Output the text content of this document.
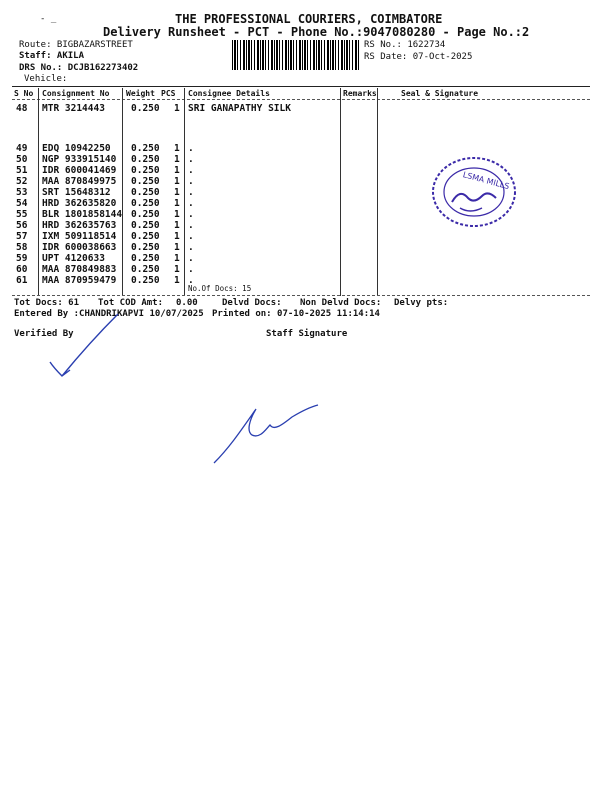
THE PROFESSIONAL COURIERS, COIMBATORE
Delivery Runsheet - PCT - Phone No.:9047080280 - Page No.:2
- _
Route: BIGBAZARSTREET
Staff: AKILA
DRS No.: DCJB162273402
Vehicle:
RS No.: 1622734
RS Date: 07-Oct-2025
S No Consignment No Weight PCS Consignee Details	Remarks	Seal & Signature
48 MTR 3214443	0.250 1 SRI GANAPATHY SILK
49 EDQ 10942250 0.250 1 .
50 NGP 933915140 0.250 1 .
51 IDR 600041469 0.250 1 .
52 MAA 870849975 0.250 1 .
53 SRT 15648312 0.250 1 .
54 HRD 362635820 0.250 1 .
55 BLR 1801858144 0.250 1 .
56 HRD 362635763 0.250 1 .
57 IXM 509118514 0.250 1 .
58 IDR 600038663 0.250 1 .
59 UPT 4120633	0.250 1 .
60 MAA 870849883 0.250 1 .
61 MAA 870959479 0.250 1 .
No.Of Docs: 15
LSMA MILLS
Tot Docs: 61 Tot COD Amt: 0.00	Delvd Docs: Non Delvd Docs: Delvy pts:
Entered By :CHANDRIKAPVI 10/07/2025 Printed on: 07-10-2025 11:14:14
Verified By	Staff Signature
